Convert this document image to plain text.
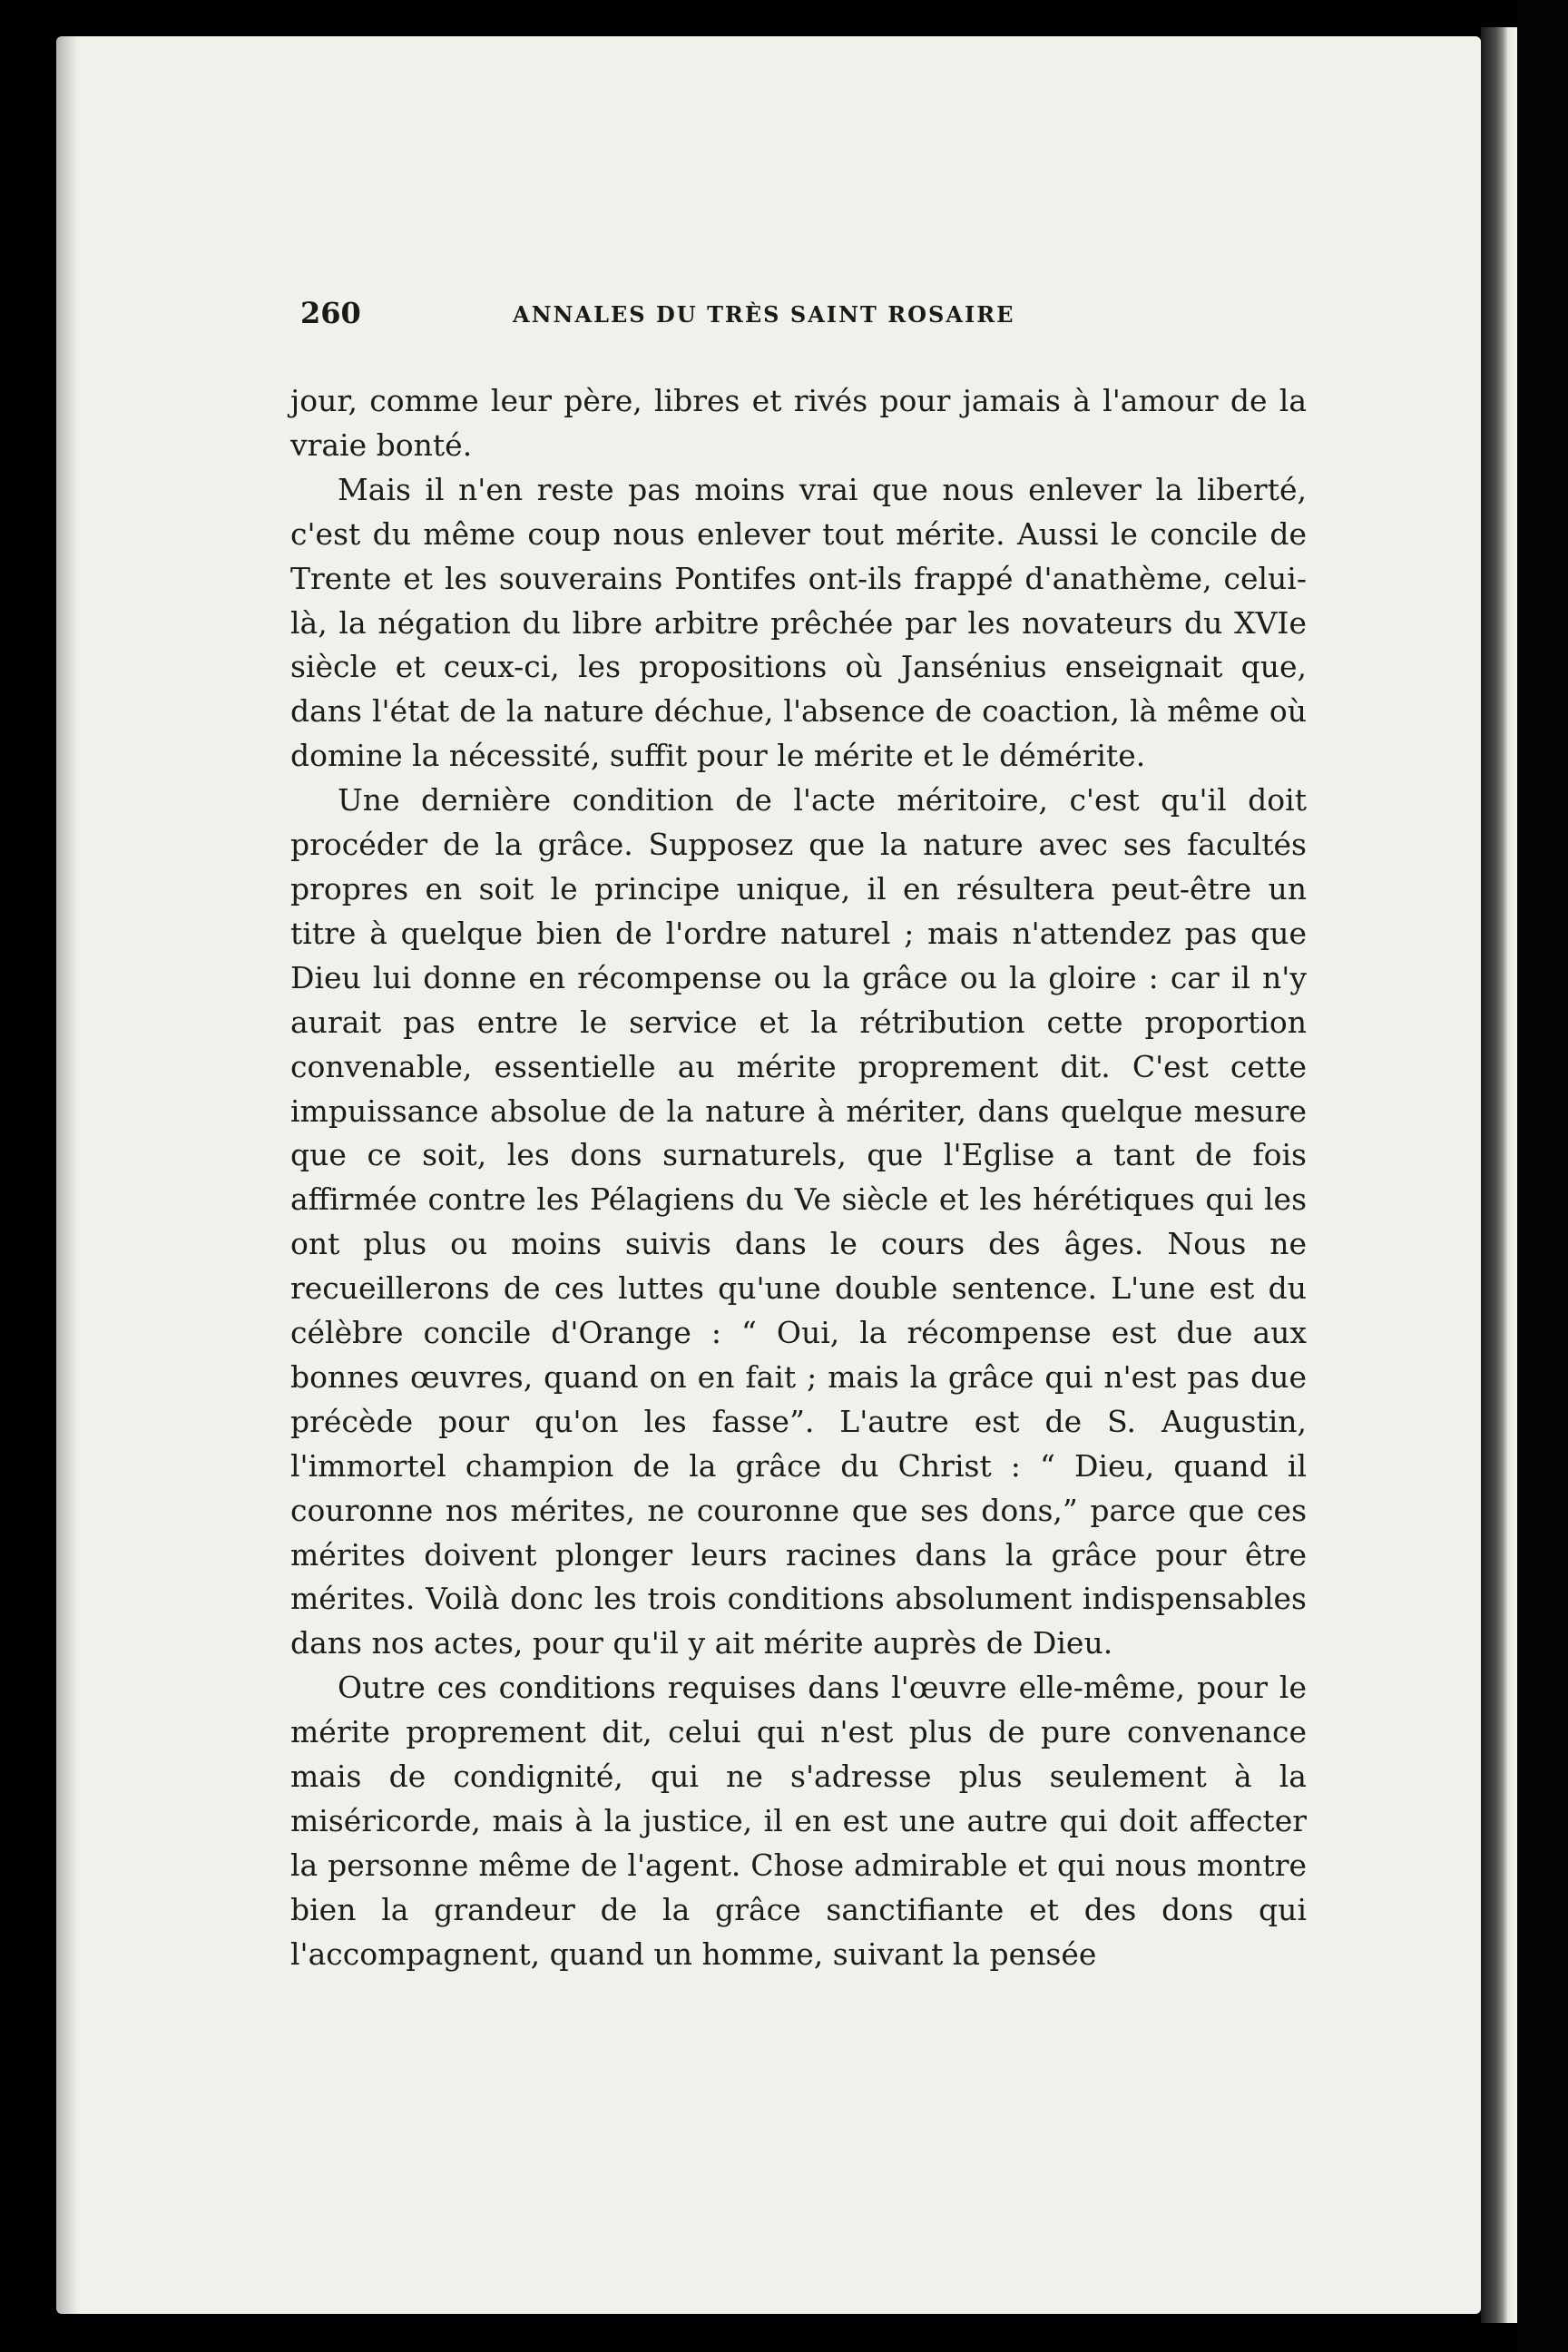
260	ANNALES DU TRÈS SAINT ROSAIRE

jour, comme leur père, libres et rivés pour jamais à l'amour de la vraie bonté.

Mais il n'en reste pas moins vrai que nous enlever la liberté, c'est du même coup nous enlever tout mérite. Aussi le concile de Trente et les souverains Pontifes ont-ils frappé d'anathème, celui-là, la négation du libre arbitre prêchée par les novateurs du XVIe siècle et ceux-ci, les propositions où Jansénius enseignait que, dans l'état de la nature déchue, l'absence de coaction, là même où domine la nécessité, suffit pour le mérite et le démérite.

Une dernière condition de l'acte méritoire, c'est qu'il doit procéder de la grâce. Supposez que la nature avec ses facultés propres en soit le principe unique, il en résultera peut-être un titre à quelque bien de l'ordre naturel ; mais n'attendez pas que Dieu lui donne en récompense ou la grâce ou la gloire : car il n'y aurait pas entre le service et la rétribution cette proportion convenable, essentielle au mérite proprement dit. C'est cette impuissance absolue de la nature à mériter, dans quelque mesure que ce soit, les dons surnaturels, que l'Eglise a tant de fois affirmée contre les Pélagiens du Ve siècle et les hérétiques qui les ont plus ou moins suivis dans le cours des âges. Nous ne recueillerons de ces luttes qu'une double sentence. L'une est du célèbre concile d'Orange : “ Oui, la récompense est due aux bonnes œuvres, quand on en fait ; mais la grâce qui n'est pas due précède pour qu'on les fasse”. L'autre est de S. Augustin, l'immortel champion de la grâce du Christ : “ Dieu, quand il couronne nos mérites, ne couronne que ses dons,” parce que ces mérites doivent plonger leurs racines dans la grâce pour être mérites. Voilà donc les trois conditions absolument indispensables dans nos actes, pour qu'il y ait mérite auprès de Dieu.

Outre ces conditions requises dans l'œuvre elle-même, pour le mérite proprement dit, celui qui n'est plus de pure convenance mais de condignité, qui ne s'adresse plus seulement à la miséricorde, mais à la justice, il en est une autre qui doit affecter la personne même de l'agent. Chose admirable et qui nous montre bien la grandeur de la grâce sanctifiante et des dons qui l'accompagnent, quand un homme, suivant la pensée
